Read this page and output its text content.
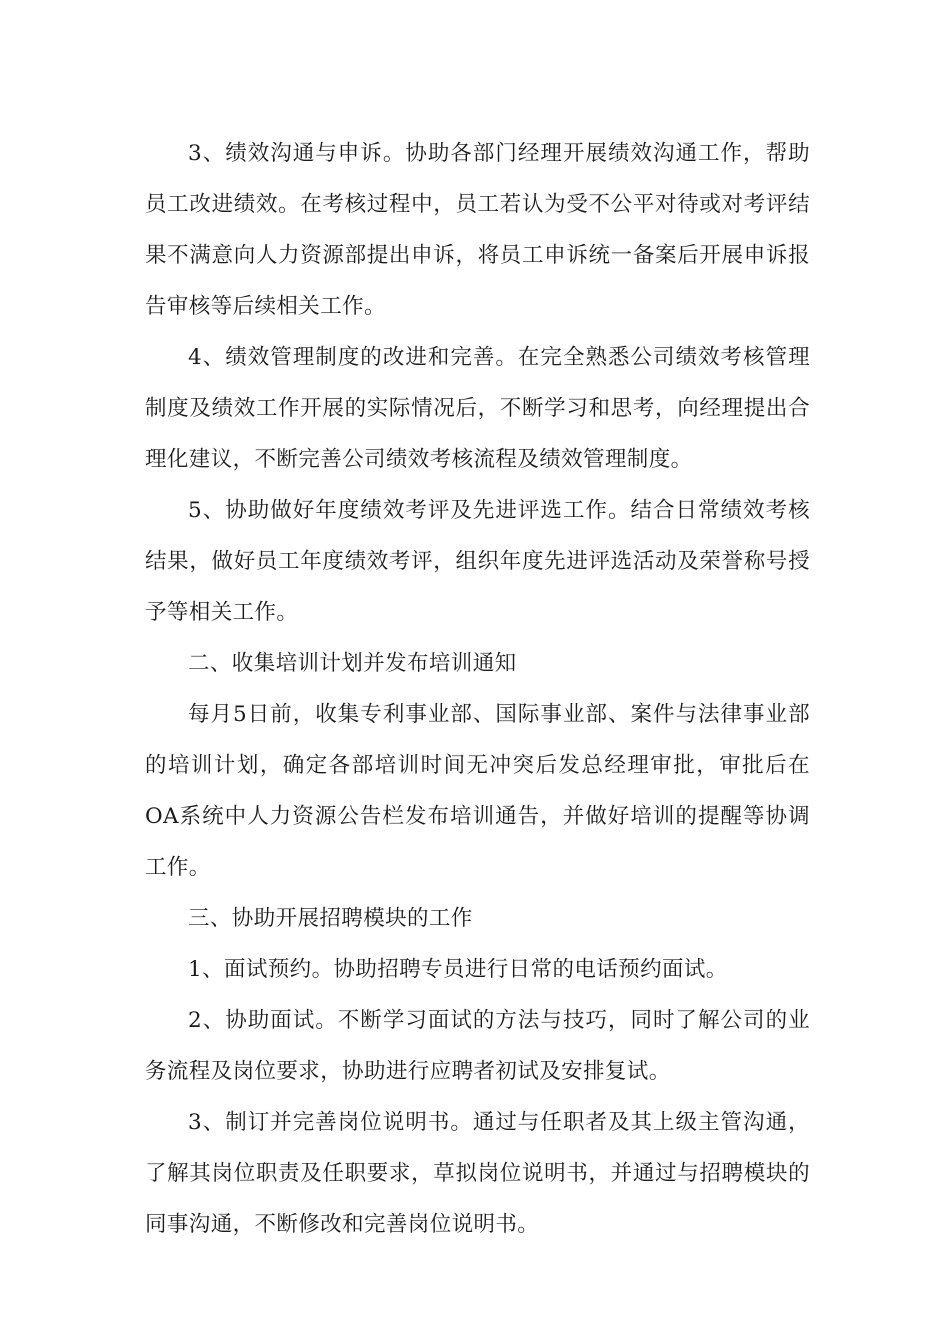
3、绩效沟通与申诉。协助各部门经理开展绩效沟通工作，帮助员工改进绩效。在考核过程中，员工若认为受不公平对待或对考评结果不满意向人力资源部提出申诉，将员工申诉统一备案后开展申诉报告审核等后续相关工作。

4、绩效管理制度的改进和完善。在完全熟悉公司绩效考核管理制度及绩效工作开展的实际情况后，不断学习和思考，向经理提出合理化建议，不断完善公司绩效考核流程及绩效管理制度。

5、协助做好年度绩效考评及先进评选工作。结合日常绩效考核结果，做好员工年度绩效考评，组织年度先进评选活动及荣誉称号授予等相关工作。

二、收集培训计划并发布培训通知

每月5日前，收集专利事业部、国际事业部、案件与法律事业部的培训计划，确定各部培训时间无冲突后发总经理审批，审批后在OA系统中人力资源公告栏发布培训通告，并做好培训的提醒等协调工作。

三、协助开展招聘模块的工作

1、面试预约。协助招聘专员进行日常的电话预约面试。

2、协助面试。不断学习面试的方法与技巧，同时了解公司的业务流程及岗位要求，协助进行应聘者初试及安排复试。

3、制订并完善岗位说明书。通过与任职者及其上级主管沟通，了解其岗位职责及任职要求，草拟岗位说明书，并通过与招聘模块的同事沟通，不断修改和完善岗位说明书。
